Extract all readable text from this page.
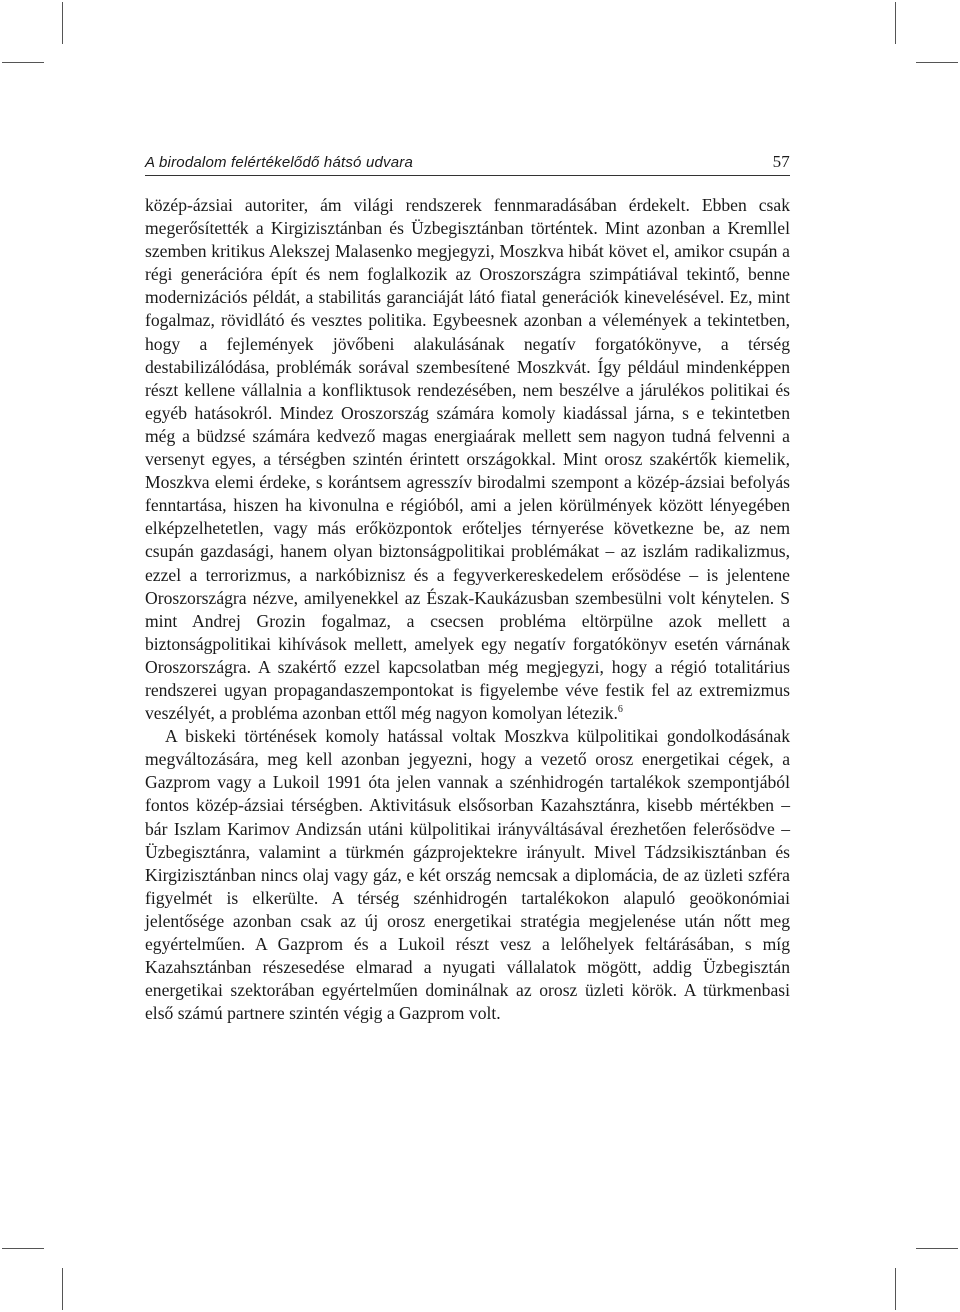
A birodalom felértékelődő hátsó udvara	57

közép-ázsiai autoriter, ám világi rendszerek fennmaradásában érdekelt. Ebben csak megerősítették a Kirgizisztánban és Üzbegisztánban történtek. Mint azonban a Kremllel szemben kritikus Alekszej Malasenko megjegyzi, Moszkva hibát követ el, amikor csupán a régi generációra épít és nem foglalkozik az Oroszországra szimpátiával tekintő, benne modernizációs példát, a stabilitás garanciáját látó fiatal generációk kinevelésével. Ez, mint fogalmaz, rövidlátó és vesztes politika. Egybeesnek azonban a vélemények a tekintetben, hogy a fejlemények jövőbeni alakulásának negatív forgatókönyve, a térség destabilizálódása, problémák sorával szembesítené Moszkvát. Így például mindenképpen részt kellene vállalnia a konfliktusok rendezésében, nem beszélve a járulékos politikai és egyéb hatásokról. Mindez Oroszország számára komoly kiadással járna, s e tekintetben még a büdzsé számára kedvező magas energiaárak mellett sem nagyon tudná felvenni a versenyt egyes, a térségben szintén érintett országokkal. Mint orosz szakértők kiemelik, Moszkva elemi érdeke, s korántsem agresszív birodalmi szempont a közép-ázsiai befolyás fenntartása, hiszen ha kivonulna e régióból, ami a jelen körülmények között lényegében elképzelhetetlen, vagy más erőközpontok erőteljes térnyerése következne be, az nem csupán gazdasági, hanem olyan biztonságpolitikai problémákat – az iszlám radikalizmus, ezzel a terrorizmus, a narkóbiznisz és a fegyverkereskedelem erősödése – is jelentene Oroszországra nézve, amilyenekkel az Észak-Kaukázusban szembesülni volt kénytelen. S mint Andrej Grozin fogalmaz, a csecsen probléma eltörpülne azok mellett a biztonságpolitikai kihívások mellett, amelyek egy negatív forgatókönyv esetén várnának Oroszországra. A szakértő ezzel kapcsolatban még megjegyzi, hogy a régió totalitárius rendszerei ugyan propagandaszempontokat is figyelembe véve festik fel az extremizmus veszélyét, a probléma azonban ettől még nagyon komolyan létezik.$^6$

A biskeki történések komoly hatással voltak Moszkva külpolitikai gondolkodásának megváltozására, meg kell azonban jegyezni, hogy a vezető orosz energetikai cégek, a Gazprom vagy a Lukoil 1991 óta jelen vannak a szénhidrogén tartalékok szempontjából fontos közép-ázsiai térségben. Aktivitásuk elsősorban Kazahsztánra, kisebb mértékben – bár Iszlam Karimov Andizsán utáni külpolitikai irányváltásával érezhetően felerősödve – Üzbegisztánra, valamint a türkmén gázprojektekre irányult. Mivel Tádzsikisztánban és Kirgizisztánban nincs olaj vagy gáz, e két ország nemcsak a diplomácia, de az üzleti szféra figyelmét is elkerülte. A térség szénhidrogén tartalékokon alapuló geoökonómiai jelentősége azonban csak az új orosz energetikai stratégia megjelenése után nőtt meg egyértelműen. A Gazprom és a Lukoil részt vesz a lelőhelyek feltárásában, s míg Kazahsztánban részesedése elmarad a nyugati vállalatok mögött, addig Üzbegisztán energetikai szektorában egyértelműen dominálnak az orosz üzleti körök. A türkmenbasi első számú partnere szintén végig a Gazprom volt.
